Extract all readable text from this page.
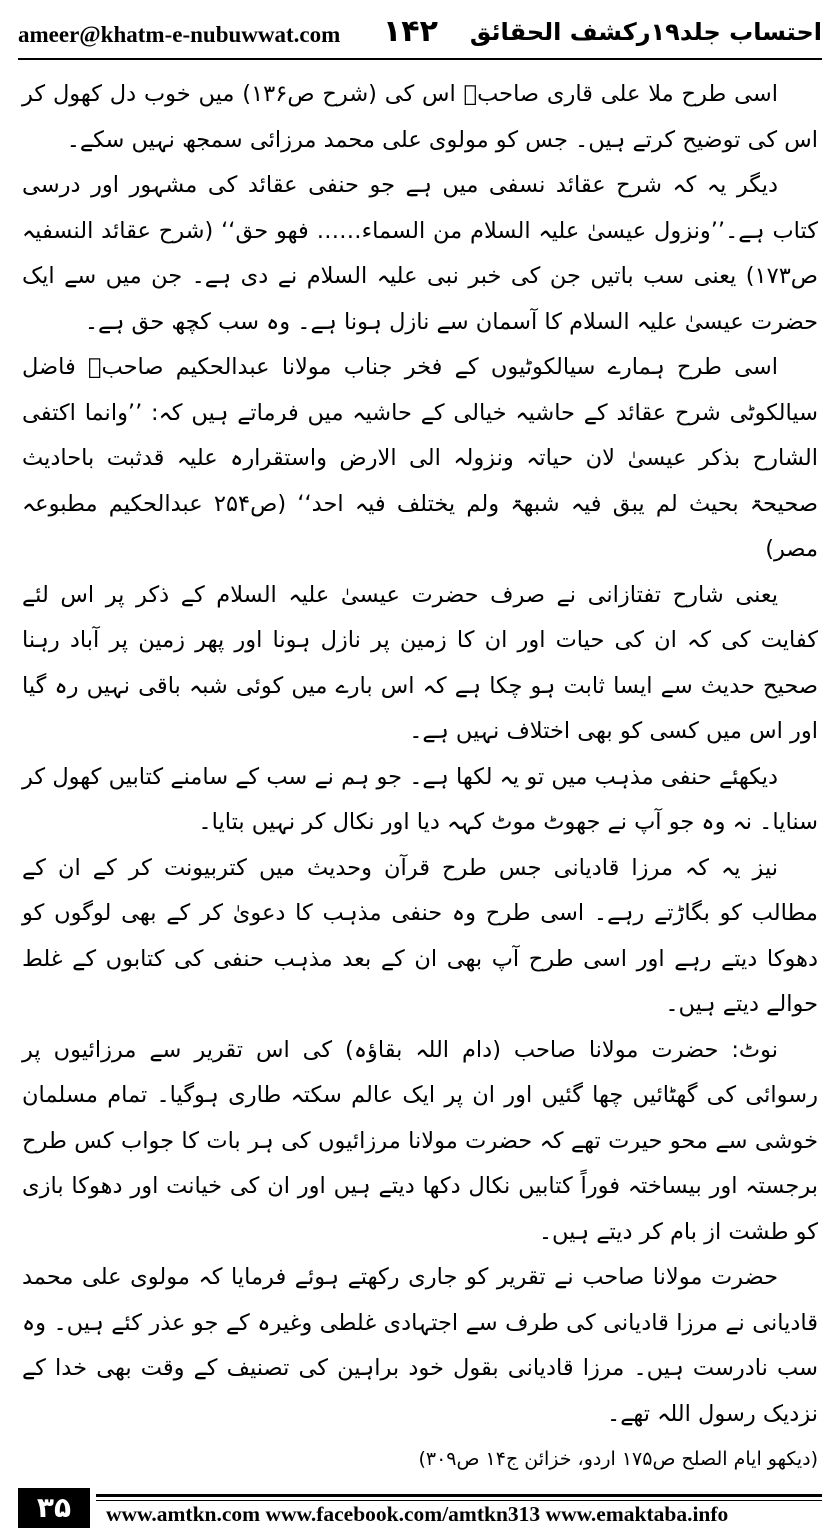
ameer@khatm-e-nubuwwat.com ۱۴۲ احتساب جلد۱۹رکشف الحقائق

اسی طرح ملا علی قاری صاحبؒ اس کی (شرح ص۱۳۶) میں خوب دل کھول کر اس کی توضیح کرتے ہیں۔ جس کو مولوی علی محمد مرزائی سمجھ نہیں سکے۔

دیگر یہ کہ شرح عقائد نسفی میں ہے جو حنفی عقائد کی مشہور اور درسی کتاب ہے۔’’ونزول عیسیٰ علیہ السلام من السماء…… فھو حق‘‘ (شرح عقائد النسفیہ ص۱۷۳) یعنی سب باتیں جن کی خبر نبی علیہ السلام نے دی ہے۔ جن میں سے ایک حضرت عیسیٰ علیہ السلام کا آسمان سے نازل ہونا ہے۔ وہ سب کچھ حق ہے۔

اسی طرح ہمارے سیالکوٹیوں کے فخر جناب مولانا عبدالحکیم صاحبؒ فاضل سیالکوٹی شرح عقائد کے حاشیہ خیالی کے حاشیہ میں فرماتے ہیں کہ: ’’وانما اکتفی الشارح بذکر عیسیٰ لان حیاتہ ونزولہ الی الارض واستقرارہ علیہ قدثبت باحادیث صحیحۃ بحیث لم یبق فیہ شبھۃ ولم یختلف فیہ احد‘‘ (ص۲۵۴ عبدالحکیم مطبوعہ مصر)

یعنی شارح تفتازانی نے صرف حضرت عیسیٰ علیہ السلام کے ذکر پر اس لئے کفایت کی کہ ان کی حیات اور ان کا زمین پر نازل ہونا اور پھر زمین پر آباد رہنا صحیح حدیث سے ایسا ثابت ہو چکا ہے کہ اس بارے میں کوئی شبہ باقی نہیں رہ گیا اور اس میں کسی کو بھی اختلاف نہیں ہے۔

دیکھئے حنفی مذہب میں تو یہ لکھا ہے۔ جو ہم نے سب کے سامنے کتابیں کھول کر سنایا۔ نہ وہ جو آپ نے جھوٹ موٹ کہہ دیا اور نکال کر نہیں بتایا۔

نیز یہ کہ مرزا قادیانی جس طرح قرآن وحدیث میں کتربیونت کر کے ان کے مطالب کو بگاڑتے رہے۔ اسی طرح وہ حنفی مذہب کا دعویٰ کر کے بھی لوگوں کو دھوکا دیتے رہے اور اسی طرح آپ بھی ان کے بعد مذہب حنفی کی کتابوں کے غلط حوالے دیتے ہیں۔

نوٹ: حضرت مولانا صاحب (دام اللہ بقاؤہ) کی اس تقریر سے مرزائیوں پر رسوائی کی گھٹائیں چھا گئیں اور ان پر ایک عالم سکتہ طاری ہوگیا۔ تمام مسلمان خوشی سے محو حیرت تھے کہ حضرت مولانا مرزائیوں کی ہر بات کا جواب کس طرح برجستہ اور بیساختہ فوراً کتابیں نکال دکھا دیتے ہیں اور ان کی خیانت اور دھوکا بازی کو طشت از بام کر دیتے ہیں۔

حضرت مولانا صاحب نے تقریر کو جاری رکھتے ہوئے فرمایا کہ مولوی علی محمد قادیانی نے مرزا قادیانی کی طرف سے اجتہادی غلطی وغیرہ کے جو عذر کئے ہیں۔ وہ سب نادرست ہیں۔ مرزا قادیانی بقول خود براہین کی تصنیف کے وقت بھی خدا کے نزدیک رسول اللہ تھے۔

(دیکھو ایام الصلح ص۱۷۵ اردو، خزائن ج۱۴ ص۳۰۹)

۳۵	www.amtkn.com www.facebook.com/amtkn313 www.emaktaba.info
